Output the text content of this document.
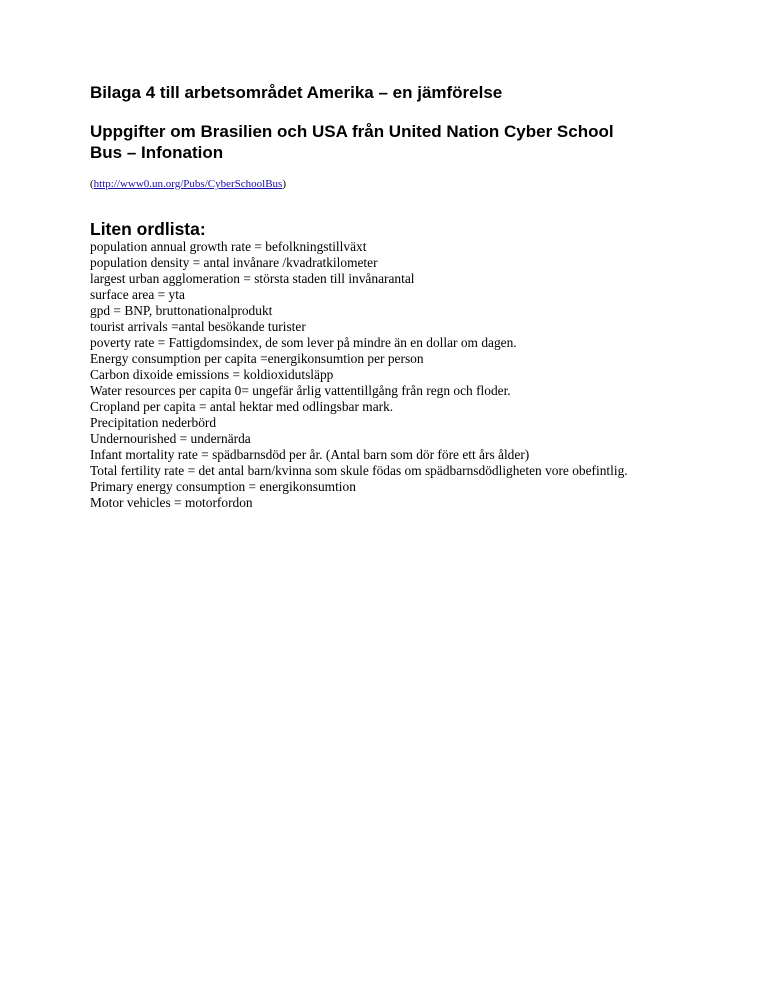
Bilaga 4 till arbetsområdet Amerika – en jämförelse

Uppgifter om Brasilien och USA från United Nation Cyber School
Bus – Infonation

(http://www0.un.org/Pubs/CyberSchoolBus)

Liten ordlista:

population annual growth rate = befolkningstillväxt
population density = antal invånare /kvadratkilometer
largest urban agglomeration = största staden till invånarantal
surface area = yta
gpd = BNP, bruttonationalprodukt
tourist arrivals =antal besökande turister
poverty rate = Fattigdomsindex, de som lever på mindre än en dollar om dagen.
Energy consumption per capita =energikonsumtion per person
Carbon dixoide emissions = koldioxidutsläpp
Water resources per capita 0= ungefär årlig vattentillgång från regn och floder.
Cropland per capita = antal hektar med odlingsbar mark.
Precipitation nederbörd
Undernourished = undernärda
Infant mortality rate = spädbarnsdöd per år. (Antal barn som dör före ett års ålder)
Total fertility rate = det antal barn/kvinna som skule födas om spädbarnsdödligheten vore obefintlig.
Primary energy consumption = energikonsumtion
Motor vehicles = motorfordon
